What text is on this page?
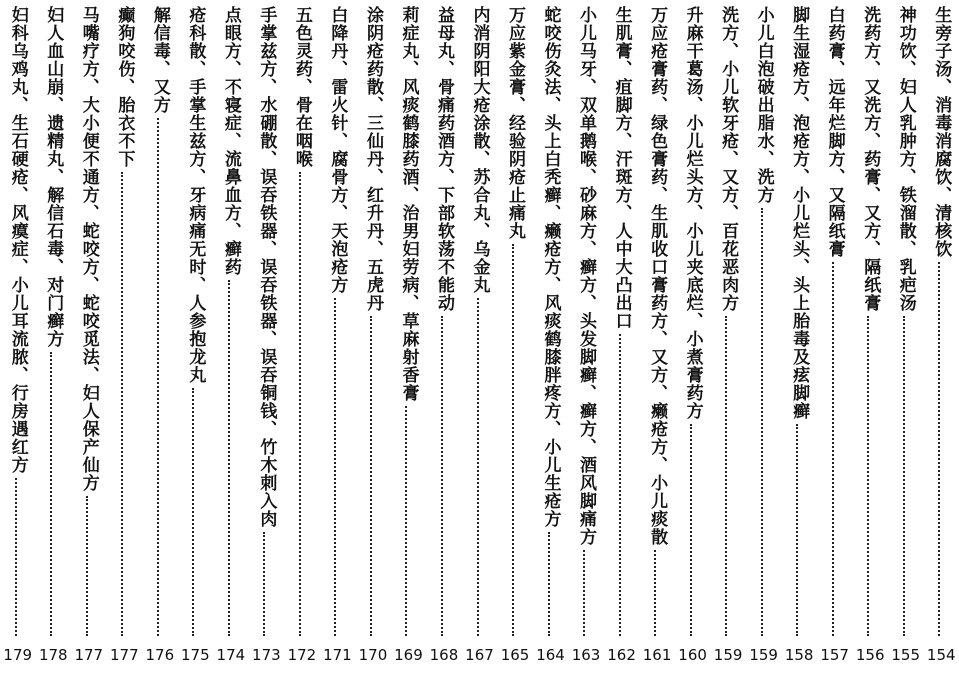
生旁子汤、消毒消腐饮、清核饮
154
神功饮、妇人乳肿方、铁溜散、乳疤汤
155
洗药方、又洗方、药膏、又方、隔纸膏
156
白药膏、远年烂脚方、又隔纸膏
157
脚生湿疮方、泡疮方、小儿烂头、头上胎毒及痃脚癣
158
小儿白泡破出脂水、洗方
159
洗方、小儿软牙疮、又方、百花恶肉方
159
升麻干葛汤、小儿烂头方、小儿夹底烂、小煮膏药方
160
万应疮膏药、绿色膏药、生肌收口膏药方、又方、癞疮方、小儿痰散
161
生肌膏、疽脚方、汗斑方、人中大凸出口
162
小儿马牙、双单鹅喉、砂麻方、癣方、头发脚癣、癣方、酒风脚痛方
163
蛇咬伤灸法、头上白秃癣、癞疮方、风痰鹤膝胖疼方、小儿生疮方
164
万应紫金膏、经验阴疮止痛丸
165
内消阴阳大疮涂散、苏合丸、乌金丸
167
益母丸、骨痛药酒方、下部软荡不能动
168
莉症丸、风痰鹤膝药酒、治男妇劳病、草麻射香膏
169
涂阴疮药散、三仙丹、红升丹、五虎丹
170
白降丹、雷火针、腐骨方、天泡疮方
171
五色灵药、骨在咽喉
172
手掌兹方、水硼散、误吞铁器、误吞铁器、误吞铜钱、竹木刺入肉
173
点眼方、不寝症、流鼻血方、癣药
174
疮科散、手掌生兹方、牙病痛无时、人参抱龙丸
175
解信毒、又方
176
癫狗咬伤、胎衣不下
177
马嘴疗方、大小便不通方、蛇咬方、蛇咬觅法、妇人保产仙方
177
妇人血山崩、遗精丸、解信石毒、对门癣方
178
妇科乌鸡丸、生石硬疮、风瘼症、小儿耳流脓、行房遇红方
179
